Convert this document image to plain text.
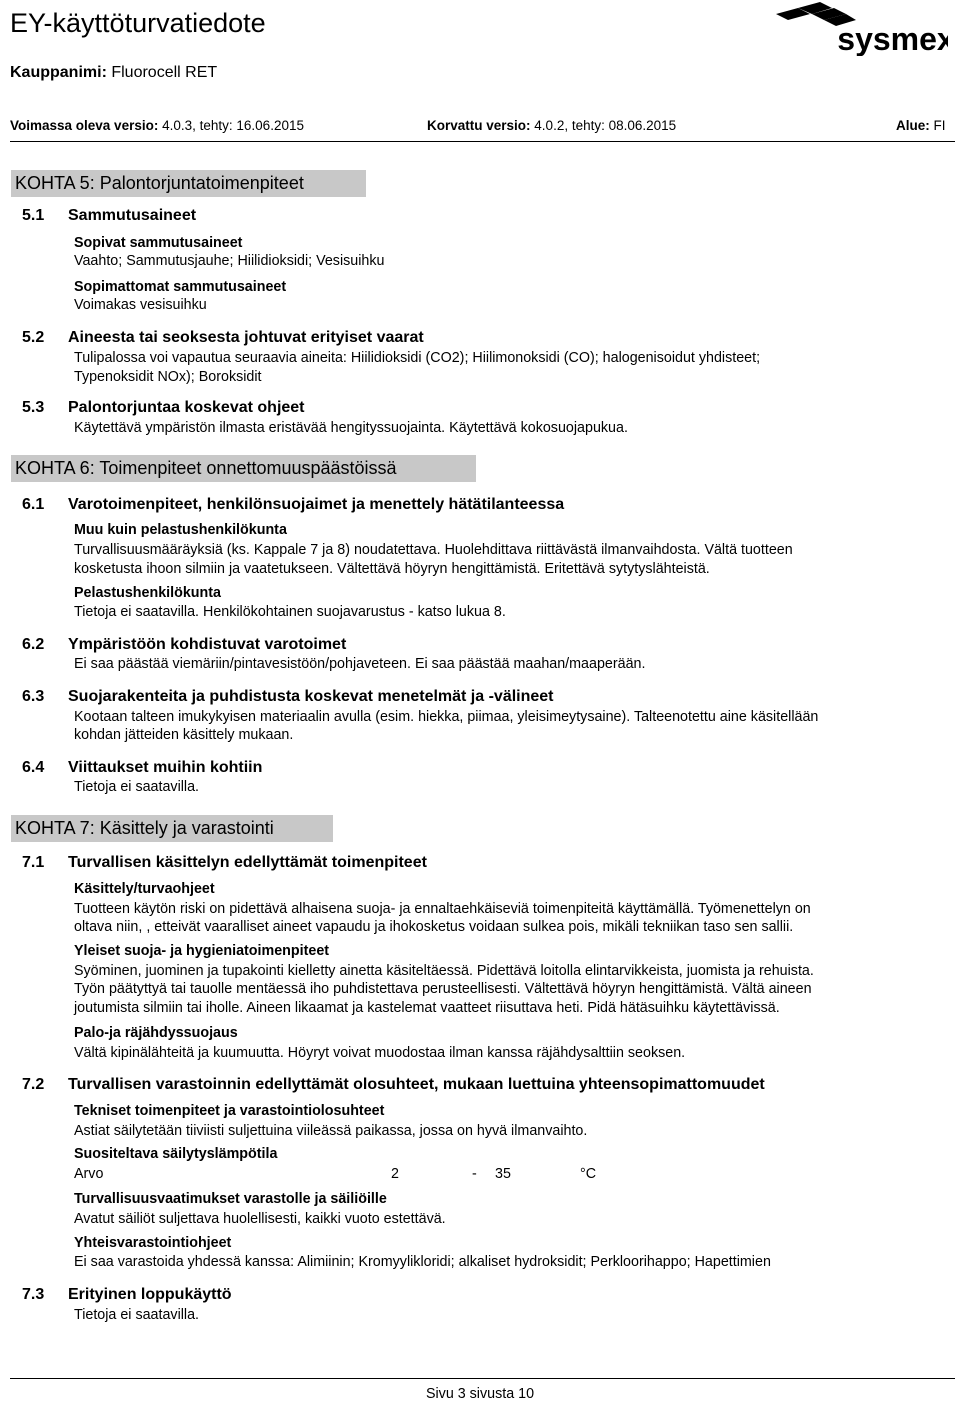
EY-käyttöturvatiedote	sysmex
Kauppanimi: Fluorocell RET
Voimassa oleva versio: 4.0.3, tehty: 16.06.2015	Korvattu versio: 4.0.2, tehty: 08.06.2015	Alue: FI
KOHTA 5: Palontorjuntatoimenpiteet
5.1 Sammutusaineet
Sopivat sammutusaineet
Vaahto; Sammutusjauhe; Hiilidioksidi; Vesisuihku
Sopimattomat sammutusaineet
Voimakas vesisuihku
5.2 Aineesta tai seoksesta johtuvat erityiset vaarat
Tulipalossa voi vapautua seuraavia aineita: Hiilidioksidi (CO2); Hiilimonoksidi (CO); halogenisoidut yhdisteet;
Typenoksidit NOx); Boroksidit
5.3 Palontorjuntaa koskevat ohjeet
Käytettävä ympäristön ilmasta eristävää hengityssuojainta. Käytettävä kokosuojapukua.
KOHTA 6: Toimenpiteet onnettomuuspäästöissä
6.1 Varotoimenpiteet, henkilönsuojaimet ja menettely hätätilanteessa
Muu kuin pelastushenkilökunta
Turvallisuusmääräyksiä (ks. Kappale 7 ja 8) noudatettava. Huolehdittava riittävästä ilmanvaihdosta. Vältä tuotteen
kosketusta ihoon silmiin ja vaatetukseen. Vältettävä höyryn hengittämistä. Eritettävä sytytyslähteistä.
Pelastushenkilökunta
Tietoja ei saatavilla. Henkilökohtainen suojavarustus - katso lukua 8.
6.2 Ympäristöön kohdistuvat varotoimet
Ei saa päästää viemäriin/pintavesistöön/pohjaveteen. Ei saa päästää maahan/maaperään.
6.3 Suojarakenteita ja puhdistusta koskevat menetelmät ja -välineet
Kootaan talteen imukykyisen materiaalin avulla (esim. hiekka, piimaa, yleisimeytysaine). Talteenotettu aine käsitellään
kohdan jätteiden käsittely mukaan.
6.4 Viittaukset muihin kohtiin
Tietoja ei saatavilla.
KOHTA 7: Käsittely ja varastointi
7.1 Turvallisen käsittelyn edellyttämät toimenpiteet
Käsittely/turvaohjeet
Tuotteen käytön riski on pidettävä alhaisena suoja- ja ennaltaehkäiseviä toimenpiteitä käyttämällä. Työmenettelyn on
oltava niin, , etteivät vaaralliset aineet vapaudu ja ihokosketus voidaan sulkea pois, mikäli tekniikan taso sen sallii.
Yleiset suoja- ja hygieniatoimenpiteet
Syöminen, juominen ja tupakointi kielletty ainetta käsiteltäessä. Pidettävä loitolla elintarvikkeista, juomista ja rehuista.
Työn päätyttyä tai tauolle mentäessä iho puhdistettava perusteellisesti. Vältettävä höyryn hengittämistä. Vältä aineen
joutumista silmiin tai iholle. Aineen likaamat ja kastelemat vaatteet riisuttava heti. Pidä hätäsuihku käytettävissä.
Palo-ja räjähdyssuojaus
Vältä kipinälähteitä ja kuumuutta. Höyryt voivat muodostaa ilman kanssa räjähdysalttiin seoksen.
7.2 Turvallisen varastoinnin edellyttämät olosuhteet, mukaan luettuina yhteensopimattomuudet
Tekniset toimenpiteet ja varastointiolosuhteet
Astiat säilytetään tiiviisti suljettuina viileässä paikassa, jossa on hyvä ilmanvaihto.
Suositeltava säilytyslämpötila
Arvo	2	- 35	°C
Turvallisuusvaatimukset varastolle ja säiliöille
Avatut säiliöt suljettava huolellisesti, kaikki vuoto estettävä.
Yhteisvarastointiohjeet
Ei saa varastoida yhdessä kanssa: Alimiinin; Kromyylikloridi; alkaliset hydroksidit; Perkloorihappo; Hapettimien
7.3 Erityinen loppukäyttö
Tietoja ei saatavilla.
Sivu 3 sivusta 10
